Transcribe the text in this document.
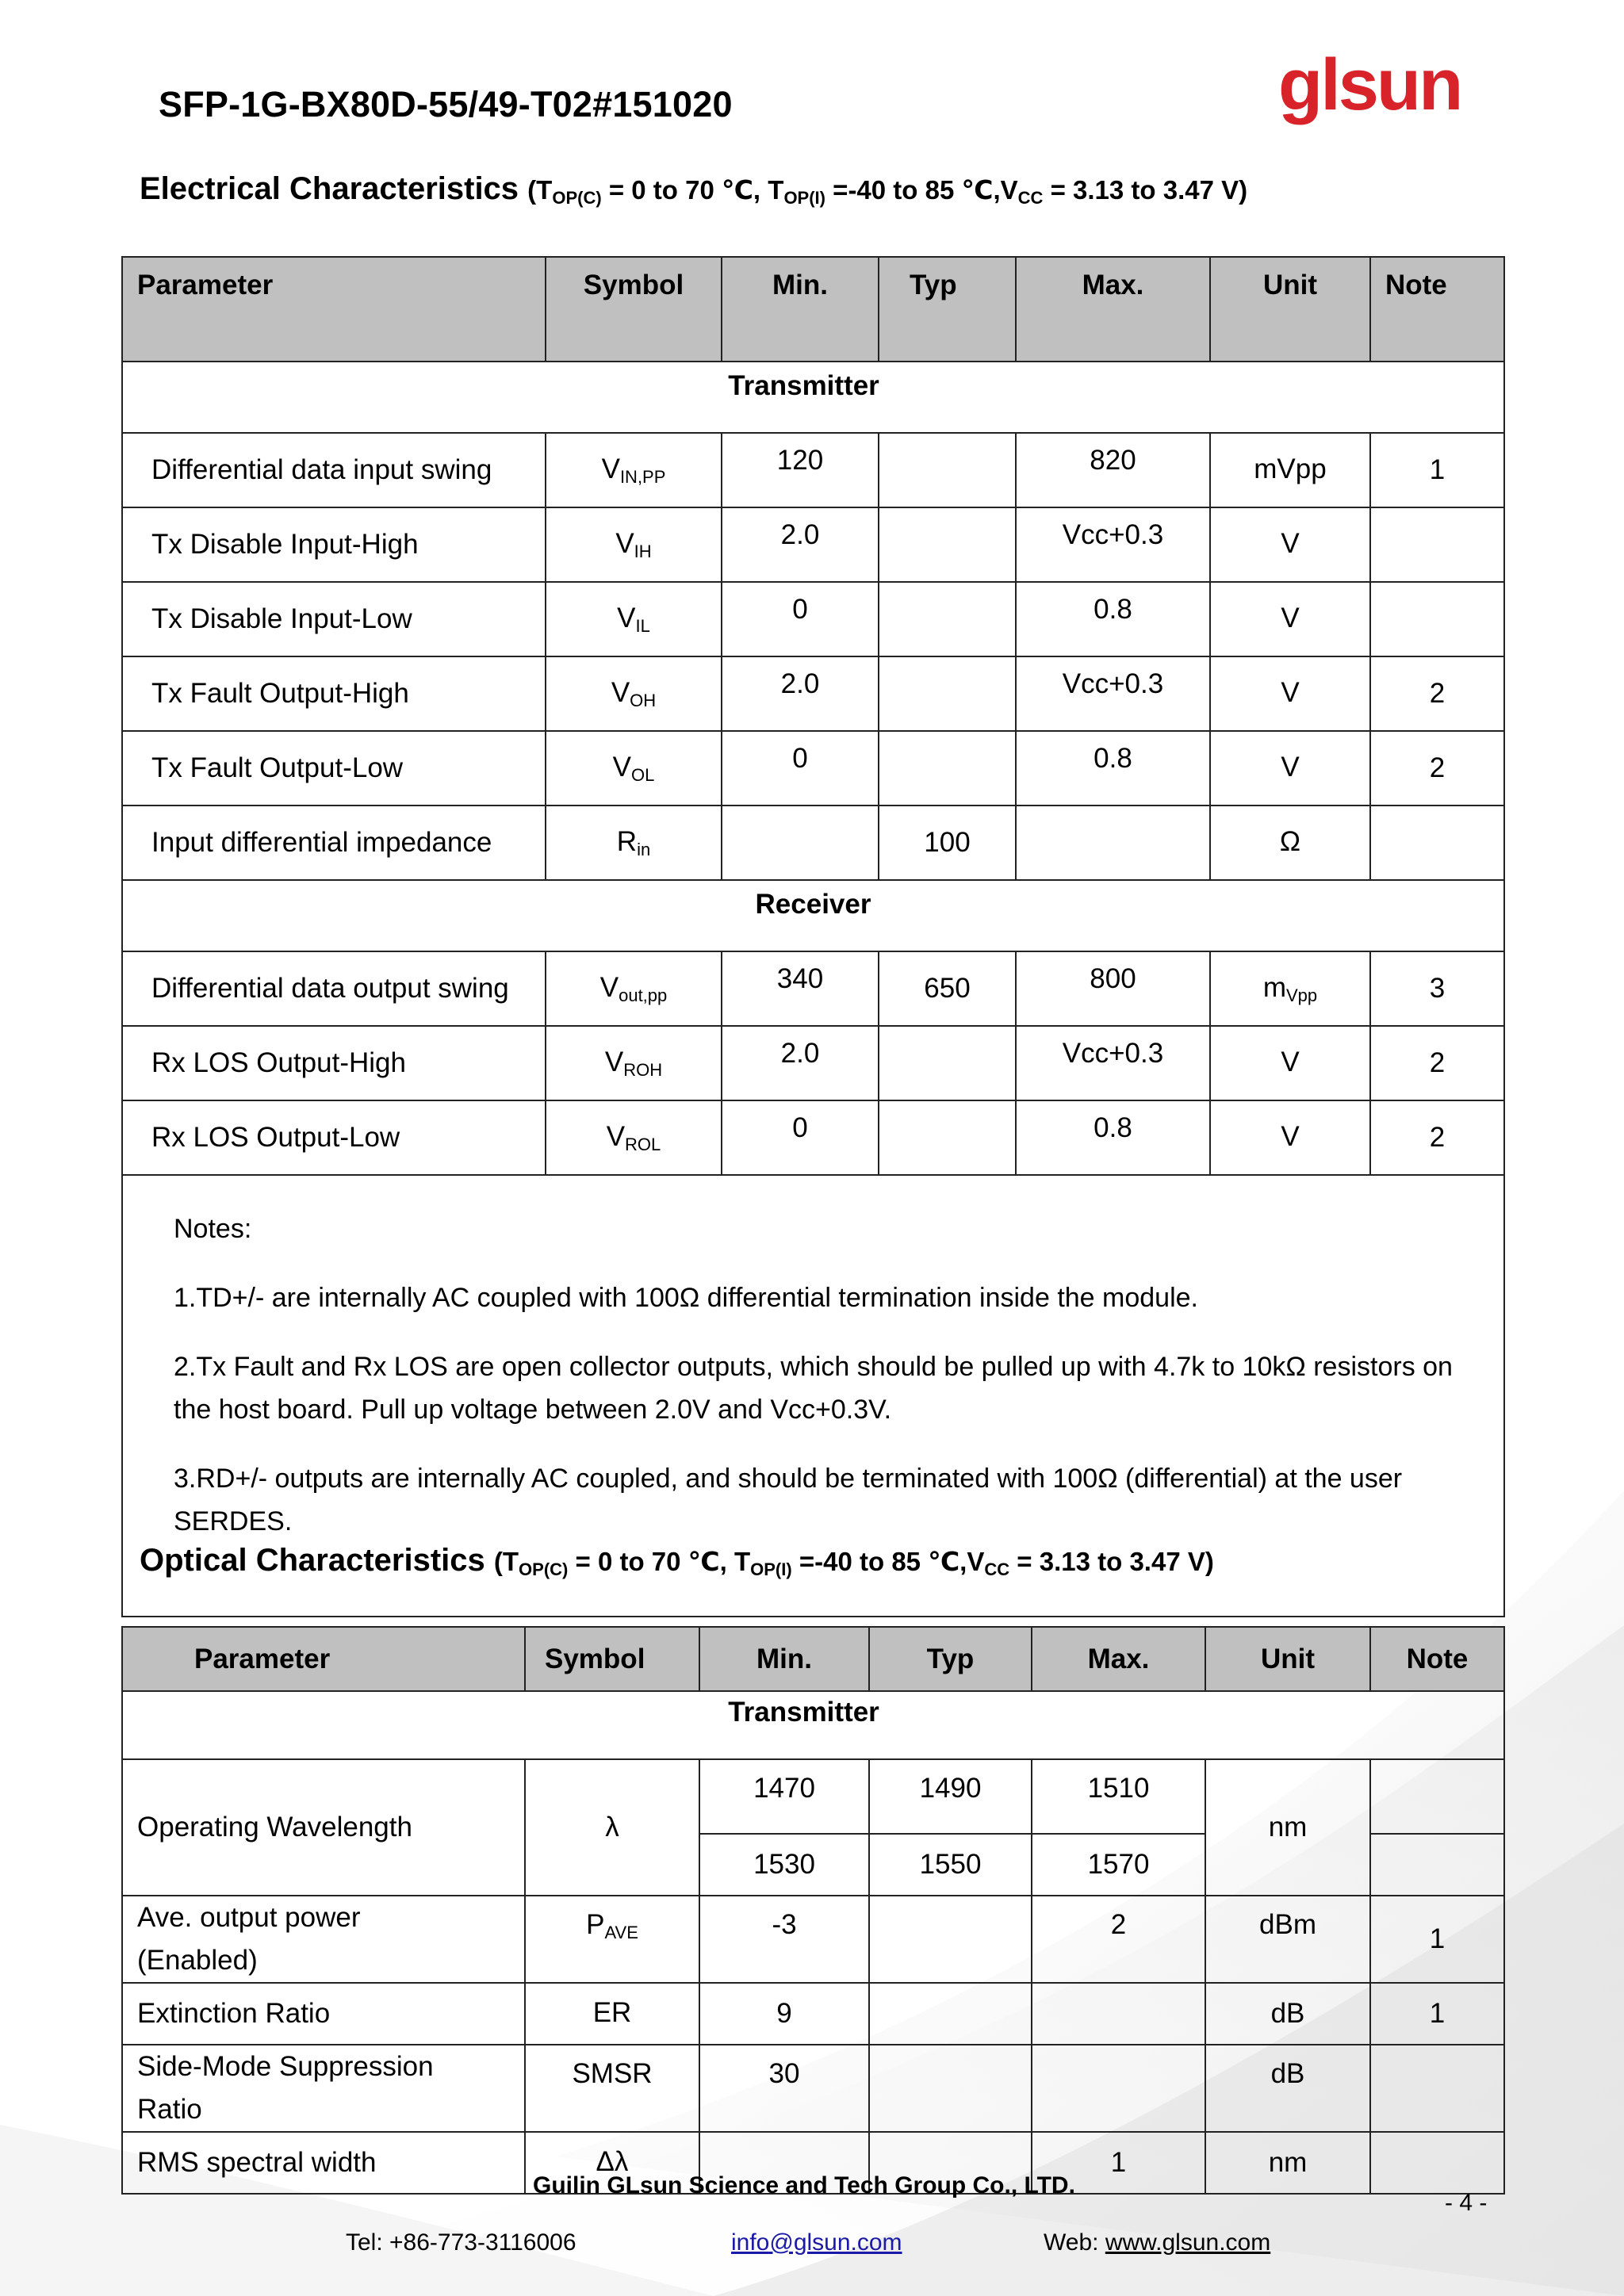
SFP-1G-BX80D-55/49-T02#151020	glsun
Electrical Characteristics ($T_{OP(C)} = 0$ to 70 ℃, $T_{OP(I)} =-40$ to 85 $℃,V_{CC} = 3.13$ to 3.47 V)
Parameter	Symbol	Min.	Typ	Max.	Unit	Note
Transmitter						
Differential data input swing	$V_{IN,PP}$	120		820	mVpp	1
Tx Disable Input-High	$V_{IH}$	2.0		Vcc+0.3	V	
Tx Disable Input-Low	$V_{IL}$	0		0.8	V	
Tx Fault Output-High	$V_{OH}$	2.0		Vcc+0.3	V	2
Tx Fault Output-Low	$V_{OL}$	0		0.8	V	2
Input differential impedance	$R_{in}$		100		Ω	
Receiver						
Differential data output swing	$V_{out,pp}$	340	650	800	$m_{Vpp}$	3
Rx LOS Output-High	$V_{ROH}$	2.0		Vcc+0.3	V	2
Rx LOS Output-Low	$V_{ROL}$	0		0.8	V	2

Notes:

1.TD+/- are internally AC coupled with 100Ω differential termination inside the module.

2.Tx Fault and Rx LOS are open collector outputs, which should be pulled up with 4.7k to 10kΩ resistors on the host board. Pull up voltage between 2.0V and Vcc+0.3V.

3.RD+/- outputs are internally AC coupled, and should be terminated with 100Ω (differential) at the user SERDES.						

Optical Characteristics ($T_{OP(C)} = 0$ to 70 ℃, $T_{OP(I)} =-40$ to 85 $℃,V_{CC} = 3.13$ to 3.47 V)
Parameter	Symbol	Min.	Typ	Max.	Unit	Note
Transmitter						
Operating Wavelength	λ	1470	1490	1510	nm	
		1530	1550	1570		
Ave. output power (Enabled)	$P_{AVE}$	-3		2	dBm	1
Extinction Ratio	ER	9			dB	1
Side-Mode Suppression Ratio	SMSR	30			dB	
RMS spectral width	Δλ			1	nm	
Guilin GLsun Science and Tech Group Co., LTD.
- 4 -
Tel: +86-773-3116006	info@glsun.com	Web: www.glsun.com
